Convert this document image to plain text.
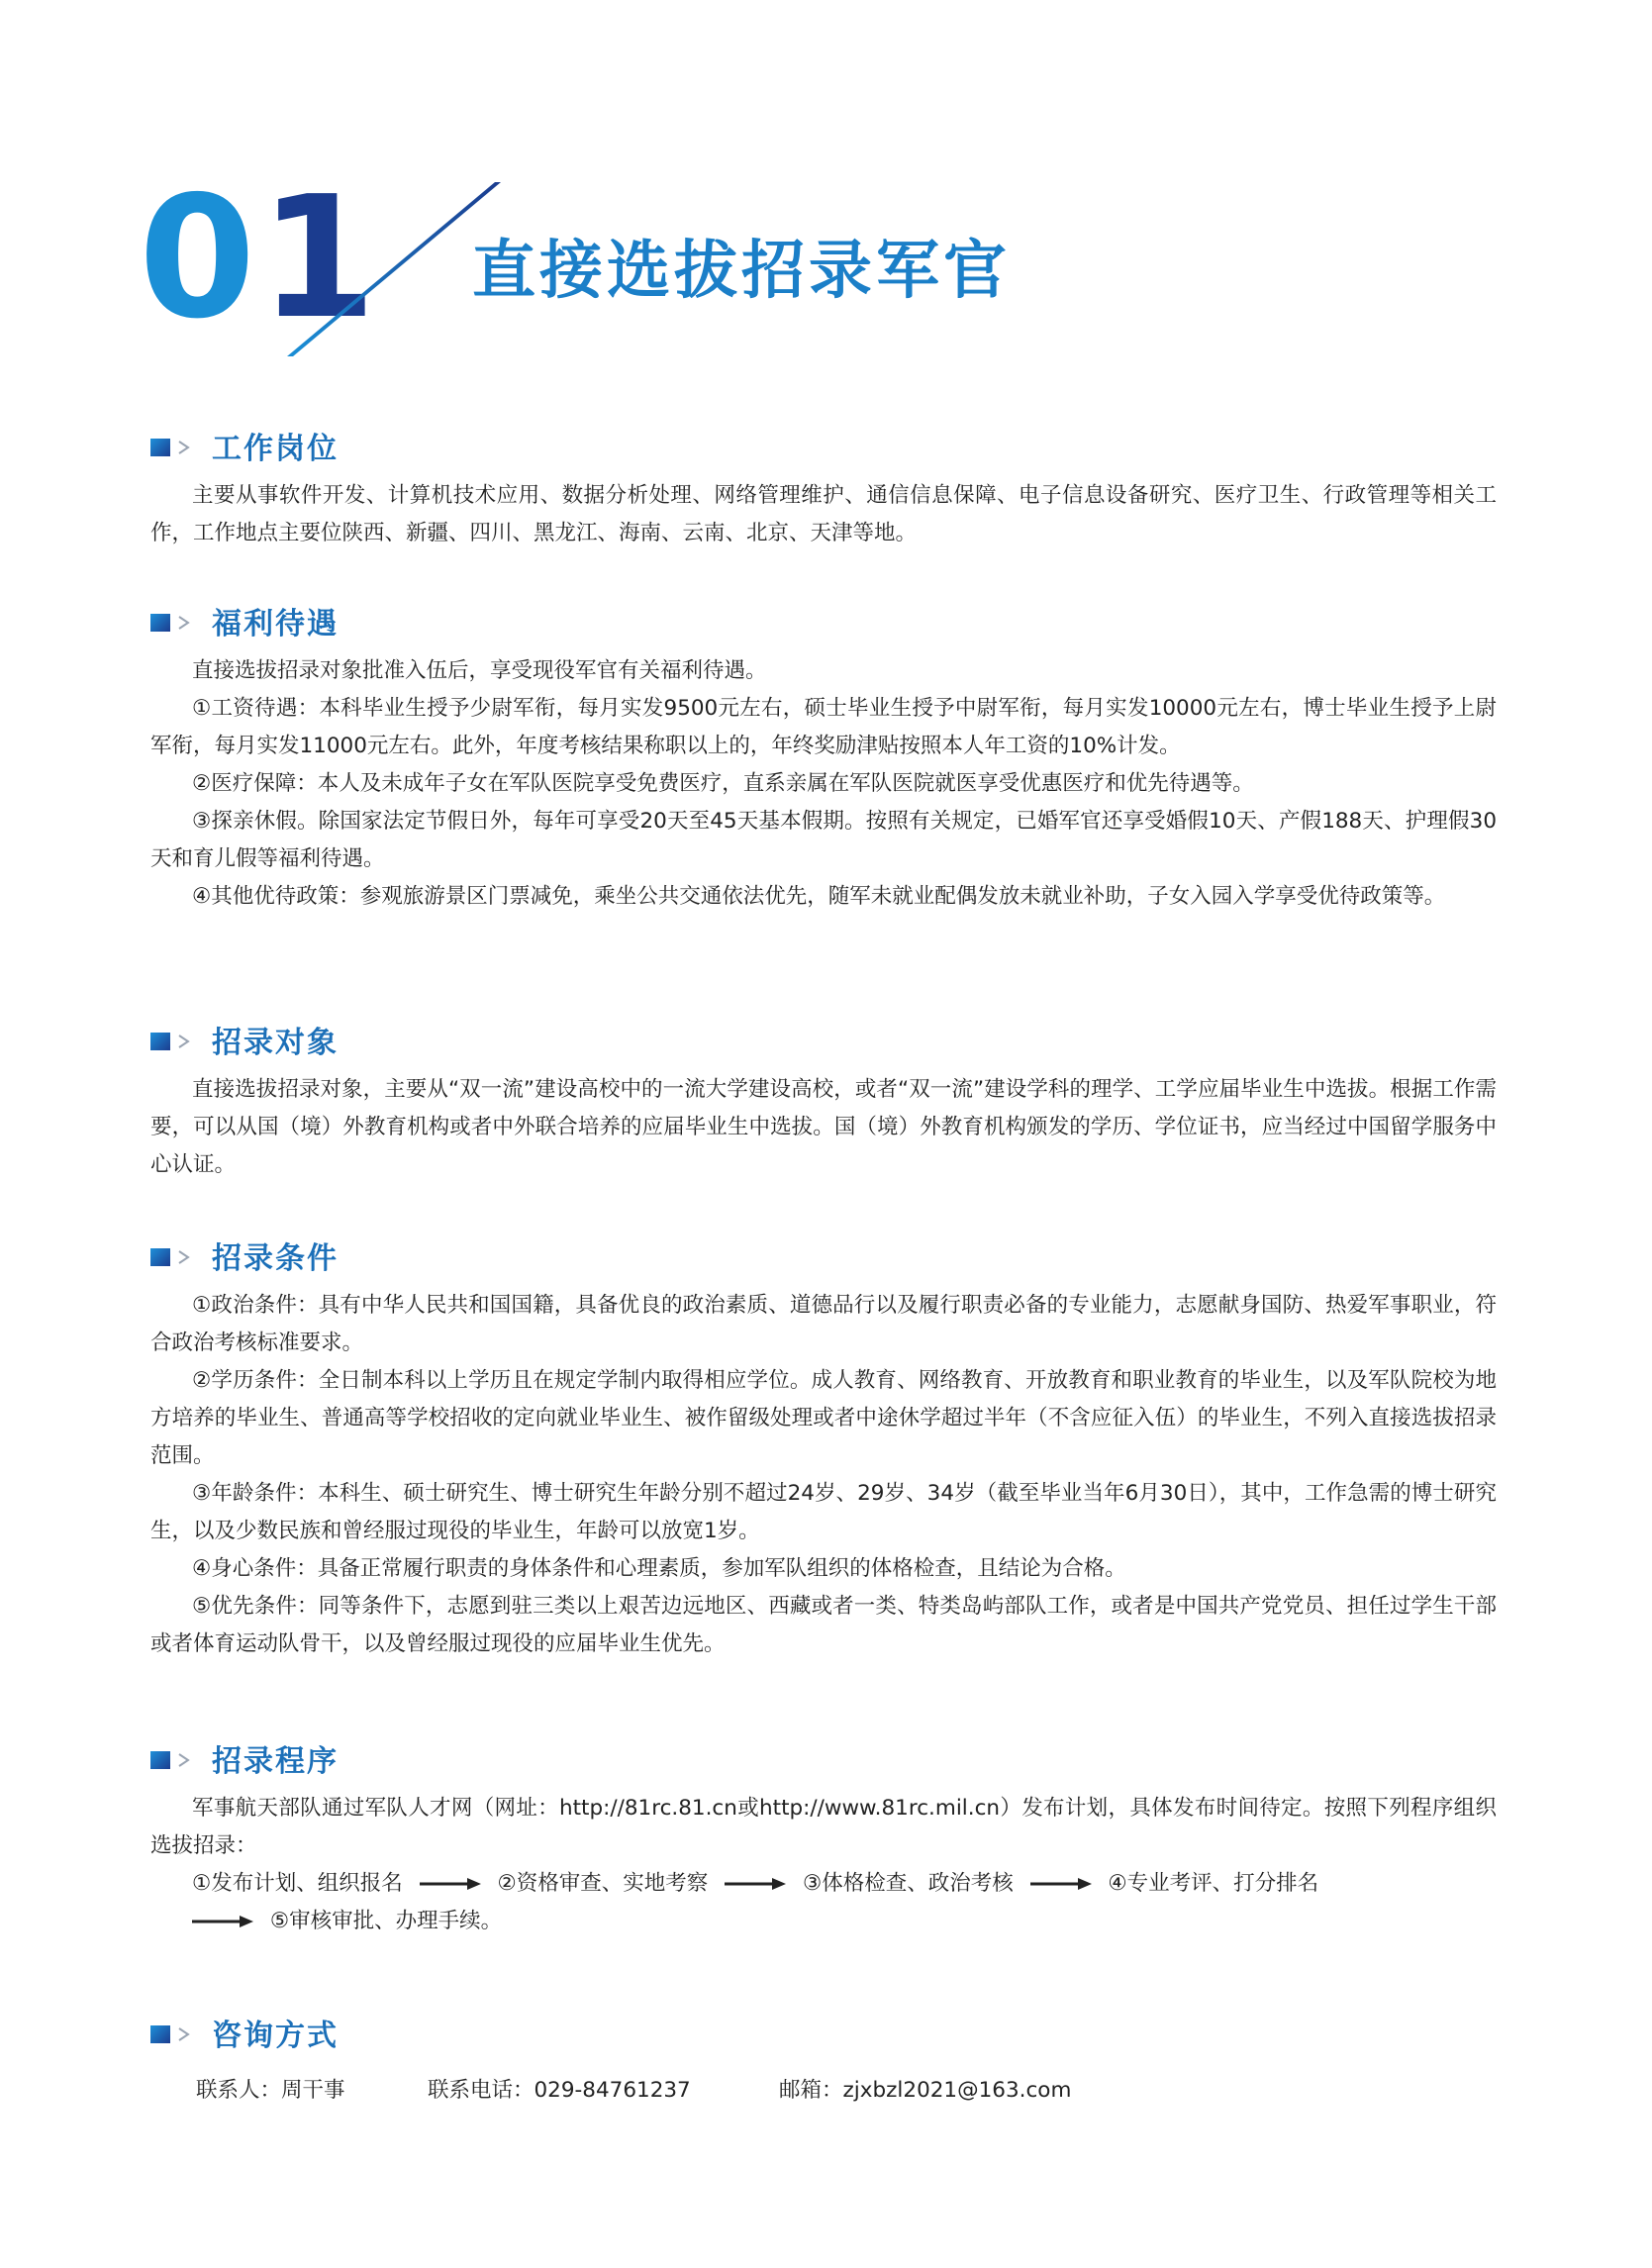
0 1 直接选拔招录军官
工作岗位

主要从事软件开发、计算机技术应用、数据分析处理、网络管理维护、通信信息保障、电子信息设备研究、医疗卫生、行政管理等相关工作，工作地点主要位陕西、新疆、四川、黑龙江、海南、云南、北京、天津等地。

福利待遇

直接选拔招录对象批准入伍后，享受现役军官有关福利待遇。

①工资待遇：本科毕业生授予少尉军衔，每月实发9500元左右，硕士毕业生授予中尉军衔，每月实发10000元左右，博士毕业生授予上尉军衔，每月实发11000元左右。此外，年度考核结果称职以上的，年终奖励津贴按照本人年工资的10%计发。

②医疗保障：本人及未成年子女在军队医院享受免费医疗，直系亲属在军队医院就医享受优惠医疗和优先待遇等。

③探亲休假。除国家法定节假日外，每年可享受20天至45天基本假期。按照有关规定，已婚军官还享受婚假10天、产假188天、护理假30天和育儿假等福利待遇。

④其他优待政策：参观旅游景区门票减免，乘坐公共交通依法优先，随军未就业配偶发放未就业补助，子女入园入学享受优待政策等。

招录对象

直接选拔招录对象，主要从“双一流”建设高校中的一流大学建设高校，或者“双一流”建设学科的理学、工学应届毕业生中选拔。根据工作需要，可以从国（境）外教育机构或者中外联合培养的应届毕业生中选拔。国（境）外教育机构颁发的学历、学位证书，应当经过中国留学服务中心认证。

招录条件

①政治条件：具有中华人民共和国国籍，具备优良的政治素质、道德品行以及履行职责必备的专业能力，志愿献身国防、热爱军事职业，符合政治考核标准要求。

②学历条件：全日制本科以上学历且在规定学制内取得相应学位。成人教育、网络教育、开放教育和职业教育的毕业生，以及军队院校为地方培养的毕业生、普通高等学校招收的定向就业毕业生、被作留级处理或者中途休学超过半年（不含应征入伍）的毕业生，不列入直接选拔招录范围。

③年龄条件：本科生、硕士研究生、博士研究生年龄分别不超过24岁、29岁、34岁（截至毕业当年6月30日），其中，工作急需的博士研究生，以及少数民族和曾经服过现役的毕业生，年龄可以放宽1岁。

④身心条件：具备正常履行职责的身体条件和心理素质，参加军队组织的体格检查，且结论为合格。

⑤优先条件：同等条件下，志愿到驻三类以上艰苦边远地区、西藏或者一类、特类岛屿部队工作，或者是中国共产党党员、担任过学生干部或者体育运动队骨干，以及曾经服过现役的应届毕业生优先。

招录程序

军事航天部队通过军队人才网（网址：http://81rc.81.cn或http://www.81rc.mil.cn）发布计划，具体发布时间待定。按照下列程序组织选拔招录：

①发布计划、组织报名	②资格审查、实地考察	③体格检查、政治考核	④专业考评、打分排名
⑤审核审批、办理手续。
咨询方式
联系人：周干事	联系电话：029-84761237	邮箱：zjxbzl2021@163.com
